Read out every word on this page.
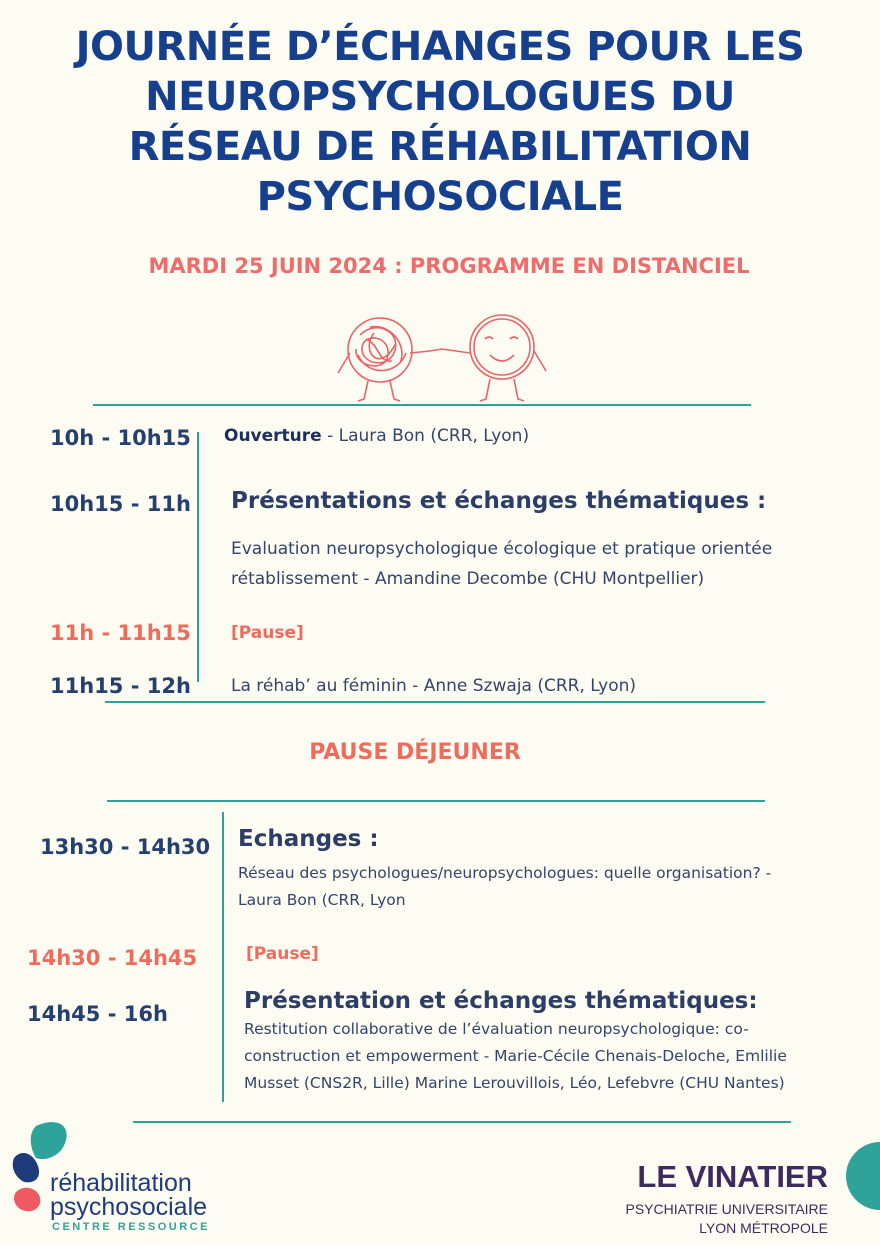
JOURNÉE D’ÉCHANGES POUR LES
NEUROPSYCHOLOGUES DU
RÉSEAU DE RÉHABILITATION
PSYCHOSOCIALE
MARDI 25 JUIN 2024 : PROGRAMME EN DISTANCIEL
10h - 10h15 Ouverture - Laura Bon (CRR, Lyon)
10h15 - 11h Présentations et échanges thématiques :
Evaluation neuropsychologique écologique et pratique orientée
rétablissement - Amandine Decombe (CHU Montpellier)
11h - 11h15 [Pause]
11h15 - 12h La réhab’ au féminin - Anne Szwaja (CRR, Lyon)
PAUSE DÉJEUNER
13h30 - 14h30 Echanges :
Réseau des psychologues/neuropsychologues: quelle organisation? -
Laura Bon (CRR, Lyon
14h30 - 14h45	[Pause]
14h45 - 16h	Présentation et échanges thématiques:
Restitution collaborative de l’évaluation neuropsychologique: co-
construction et empowerment - Marie-Cécile Chenais-Deloche, Emlilie
Musset (CNS2R, Lille) Marine Lerouvillois, Léo, Lefebvre (CHU Nantes)
réhabilitation
psychosociale
CENTRE RESSOURCE
LE VINATIER
PSYCHIATRIE UNIVERSITAIRE
LYON MÉTROPOLE
